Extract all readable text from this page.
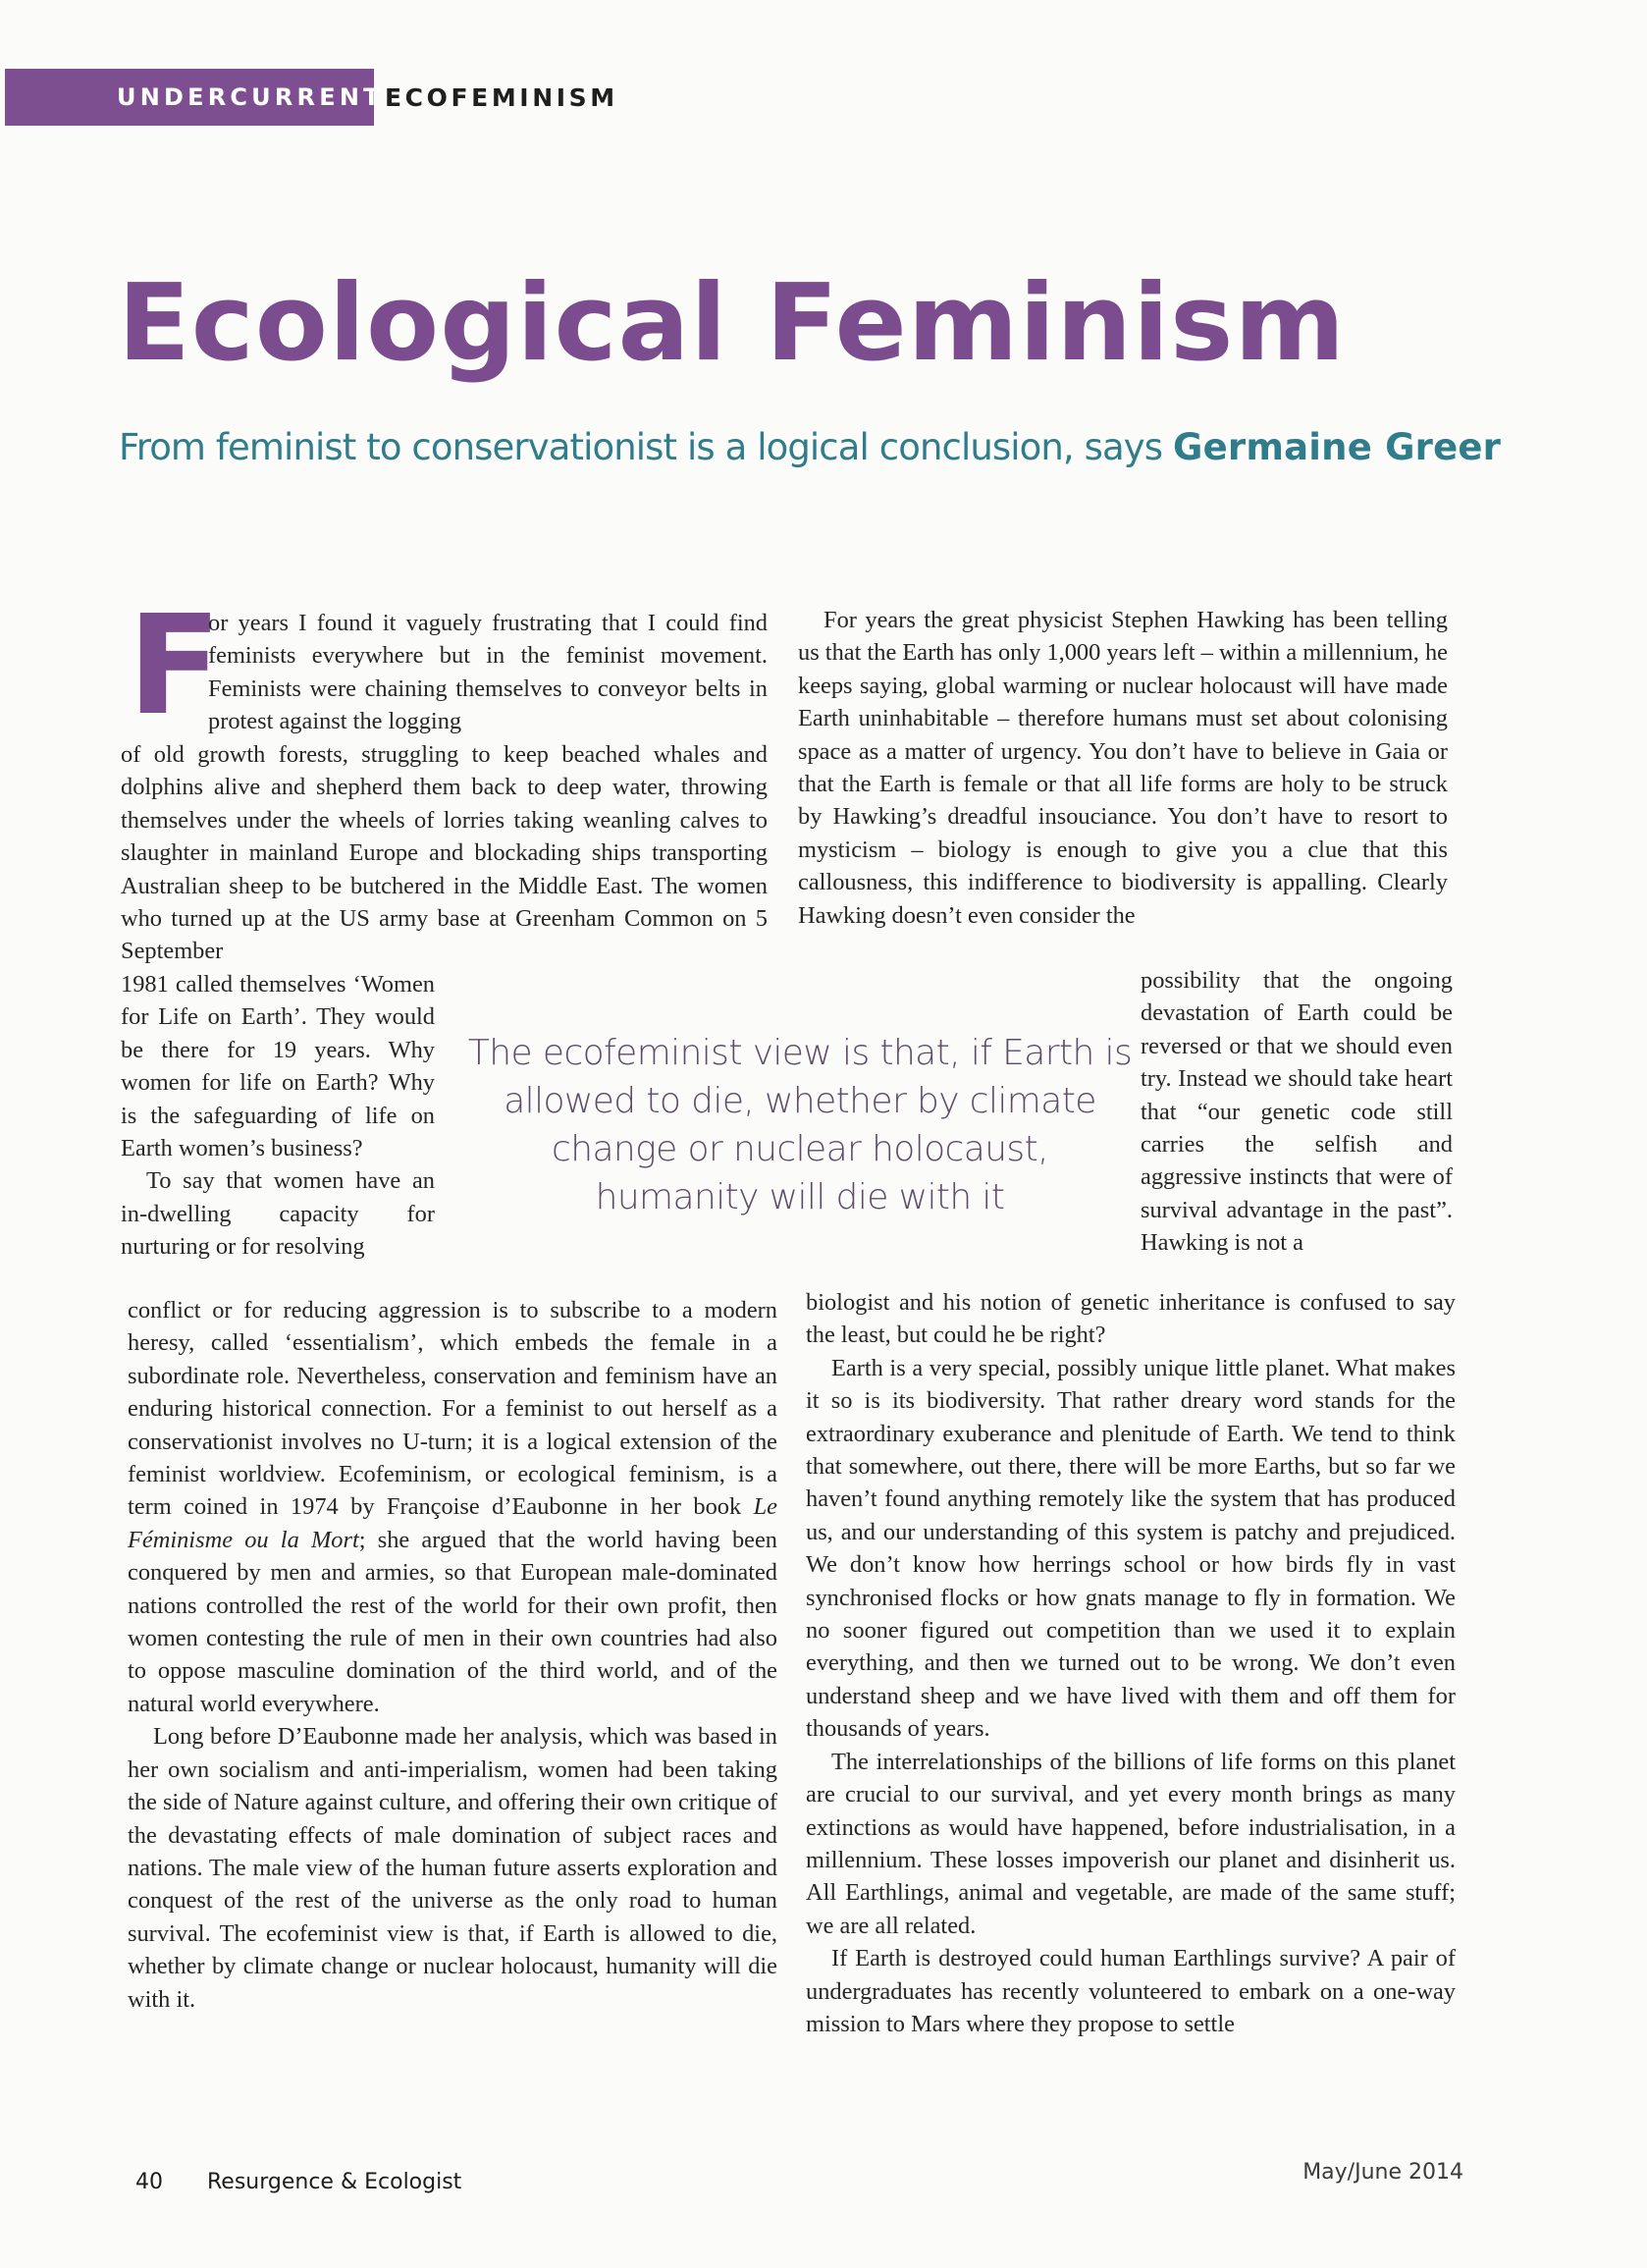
UNDERCURRENTS
ECOFEMINISM
Ecological Feminism
From feminist to conservationist is a logical conclusion, says Germaine Greer
F

or years I found it vaguely frustrating that I could find feminists everywhere but in the feminist movement. Feminists were chaining themselves to conveyor belts in protest against the logging

of old growth forests, struggling to keep beached whales and dolphins alive and shepherd them back to deep water, throwing themselves under the wheels of lorries taking weanling calves to slaughter in mainland Europe and blockading ships transporting Australian sheep to be butchered in the Middle East. The women who turned up at the US army base at Greenham Common on 5 September

1981 called themselves ‘Women for Life on Earth’. They would be there for 19 years. Why women for life on Earth? Why is the safeguarding of life on Earth women’s business?

To say that women have an in-dwelling capacity for nurturing or for resolving

conflict or for reducing aggression is to subscribe to a modern heresy, called ‘essentialism’, which embeds the female in a subordinate role. Nevertheless, conservation and feminism have an enduring historical connection. For a feminist to out herself as a conservationist involves no U-turn; it is a logical extension of the feminist worldview. Ecofeminism, or ecological feminism, is a term coined in 1974 by Françoise d’Eaubonne in her book Le Féminisme ou la Mort; she argued that the world having been conquered by men and armies, so that European male-dominated nations controlled the rest of the world for their own profit, then women contesting the rule of men in their own countries had also to oppose masculine domination of the third world, and of the natural world everywhere.

Long before D’Eaubonne made her analysis, which was based in her own socialism and anti-imperialism, women had been taking the side of Nature against culture, and offering their own critique of the devastating effects of male domination of subject races and nations. The male view of the human future asserts exploration and conquest of the rest of the universe as the only road to human survival. The ecofeminist view is that, if Earth is allowed to die, whether by climate change or nuclear holocaust, humanity will die with it.

The ecofeminist view is that, if Earth is allowed to die, whether by climate change or nuclear holocaust, humanity will die with it

For years the great physicist Stephen Hawking has been telling us that the Earth has only 1,000 years left – within a millennium, he keeps saying, global warming or nuclear holocaust will have made Earth uninhabitable – therefore humans must set about colonising space as a matter of urgency. You don’t have to believe in Gaia or that the Earth is female or that all life forms are holy to be struck by Hawking’s dreadful insouciance. You don’t have to resort to mysticism – biology is enough to give you a clue that this callousness, this indifference to biodiversity is appalling. Clearly Hawking doesn’t even consider the

possibility that the ongoing devastation of Earth could be reversed or that we should even try. Instead we should take heart that “our genetic code still carries the selfish and aggressive instincts that were of survival advantage in the past”. Hawking is not a

biologist and his notion of genetic inheritance is confused to say the least, but could he be right?

Earth is a very special, possibly unique little planet. What makes it so is its biodiversity. That rather dreary word stands for the extraordinary exuberance and plenitude of Earth. We tend to think that somewhere, out there, there will be more Earths, but so far we haven’t found anything remotely like the system that has produced us, and our understanding of this system is patchy and prejudiced. We don’t know how herrings school or how birds fly in vast synchronised flocks or how gnats manage to fly in formation. We no sooner figured out competition than we used it to explain everything, and then we turned out to be wrong. We don’t even understand sheep and we have lived with them and off them for thousands of years.

The interrelationships of the billions of life forms on this planet are crucial to our survival, and yet every month brings as many extinctions as would have happened, before industrialisation, in a millennium. These losses impoverish our planet and disinherit us. All Earthlings, animal and vegetable, are made of the same stuff; we are all related.

If Earth is destroyed could human Earthlings survive? A pair of undergraduates has recently volunteered to embark on a one-way mission to Mars where they propose to settle

40 Resurgence & Ecologist	May/June 2014
